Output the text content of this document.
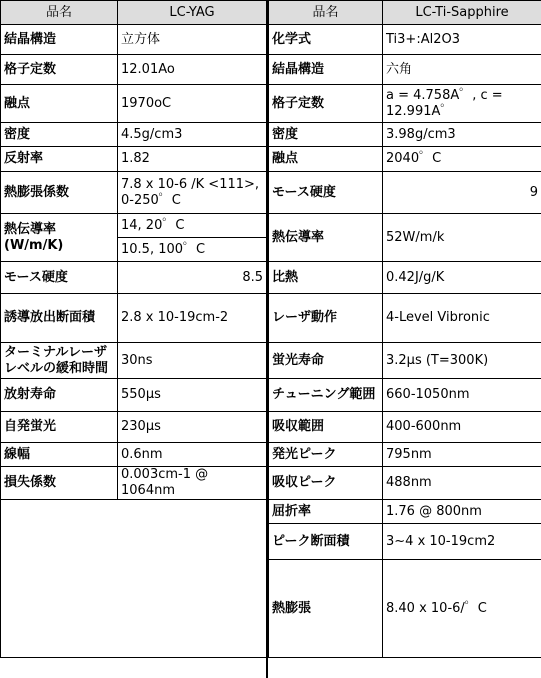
品名	LC-YAG
結晶構造	立方体
格子定数	12.01Ao
融点	1970oC
密度	4.5g/cm3
反射率	1.82
熱膨張係数	7.8 x 10-6 /K <111>, 0-250゜C
熱伝導率(W/m/K)	14, 20゜C
	10.5, 100゜C
モース硬度	8.5
誘導放出断面積	2.8 x 10-19cm-2
ターミナルレーザレベルの緩和時間	30ns
放射寿命	550μs
自発蛍光	230μs
線幅	0.6nm
損失係数	0.003cm-1 @ 1064nm

品名	LC-Ti-Sapphire
化学式	Ti3+:Al2O3
結晶構造	六角
格子定数	a = 4.758A゜, c = 12.991A゜
密度	3.98g/cm3
融点	2040゜C
モース硬度	9
熱伝導率	52W/m/k
比熱	0.42J/g/K
レーザ動作	4-Level Vibronic
蛍光寿命	3.2μs (T=300K)
チューニング範囲	660-1050nm
吸収範囲	400-600nm
発光ピーク	795nm
吸収ピーク	488nm
屈折率	1.76 @ 800nm
ピーク断面積	3~4 x 10-19cm2
熱膨張	8.40 x 10-6/゜C
